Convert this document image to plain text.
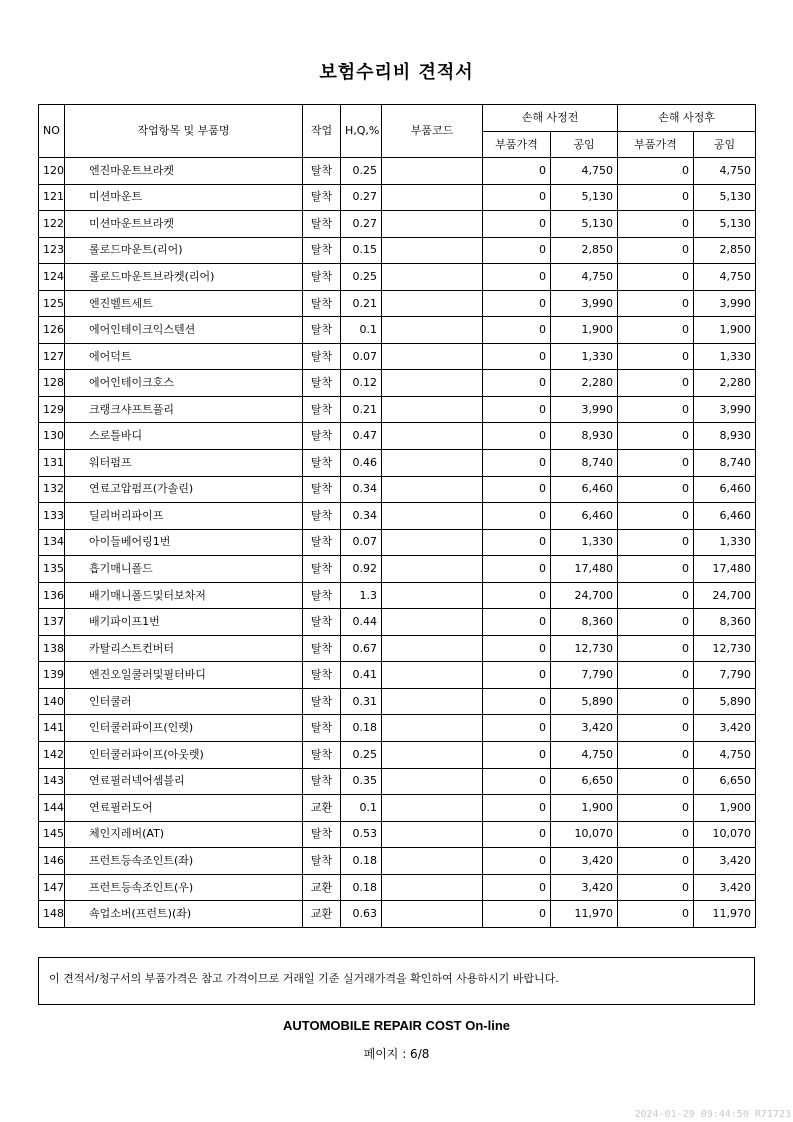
보험수리비 견적서
NO	작업항목 및 부품명	작업	H,Q,%	부품코드	손해 사정전		손해 사정후	
					부품가격	공임	부품가격	공임
120	엔진마운트브라켓	탈착	0.25		0	4,750	0	4,750
121	미션마운트	탈착	0.27		0	5,130	0	5,130
122	미션마운트브라켓	탈착	0.27		0	5,130	0	5,130
123	롤로드마운트(리어)	탈착	0.15		0	2,850	0	2,850
124	롤로드마운트브라켓(리어)	탈착	0.25		0	4,750	0	4,750
125	엔진벨트세트	탈착	0.21		0	3,990	0	3,990
126	에어인테이크익스텐션	탈착	0.1		0	1,900	0	1,900
127	에어덕트	탈착	0.07		0	1,330	0	1,330
128	에어인테이크호스	탈착	0.12		0	2,280	0	2,280
129	크랭크샤프트풀리	탈착	0.21		0	3,990	0	3,990
130	스로틀바디	탈착	0.47		0	8,930	0	8,930
131	워터펌프	탈착	0.46		0	8,740	0	8,740
132	연료고압펌프(가솔린)	탈착	0.34		0	6,460	0	6,460
133	딜리버리파이프	탈착	0.34		0	6,460	0	6,460
134	아이들베어링1번	탈착	0.07		0	1,330	0	1,330
135	흡기매니폴드	탈착	0.92		0	17,480	0	17,480
136	배기매니폴드및터보차저	탈착	1.3		0	24,700	0	24,700
137	배기파이프1번	탈착	0.44		0	8,360	0	8,360
138	카탈리스트컨버터	탈착	0.67		0	12,730	0	12,730
139	엔진오일쿨러및필터바디	탈착	0.41		0	7,790	0	7,790
140	인터쿨러	탈착	0.31		0	5,890	0	5,890
141	인터쿨러파이프(인렛)	탈착	0.18		0	3,420	0	3,420
142	인터쿨러파이프(아웃렛)	탈착	0.25		0	4,750	0	4,750
143	연료필러넥어셈블리	탈착	0.35		0	6,650	0	6,650
144	연료필러도어	교환	0.1		0	1,900	0	1,900
145	체인지레버(AT)	탈착	0.53		0	10,070	0	10,070
146	프런트등속조인트(좌)	탈착	0.18		0	3,420	0	3,420
147	프런트등속조인트(우)	교환	0.18		0	3,420	0	3,420
148	쇽업소버(프런트)(좌)	교환	0.63		0	11,970	0	11,970
이 견적서/청구서의 부품가격은 참고 가격이므로 거래일 기준 실거래가격을 확인하여 사용하시기 바랍니다.
AUTOMOBILE REPAIR COST On-line
페이지 : 6/8
2024-01-29 09:44:50 R71723
